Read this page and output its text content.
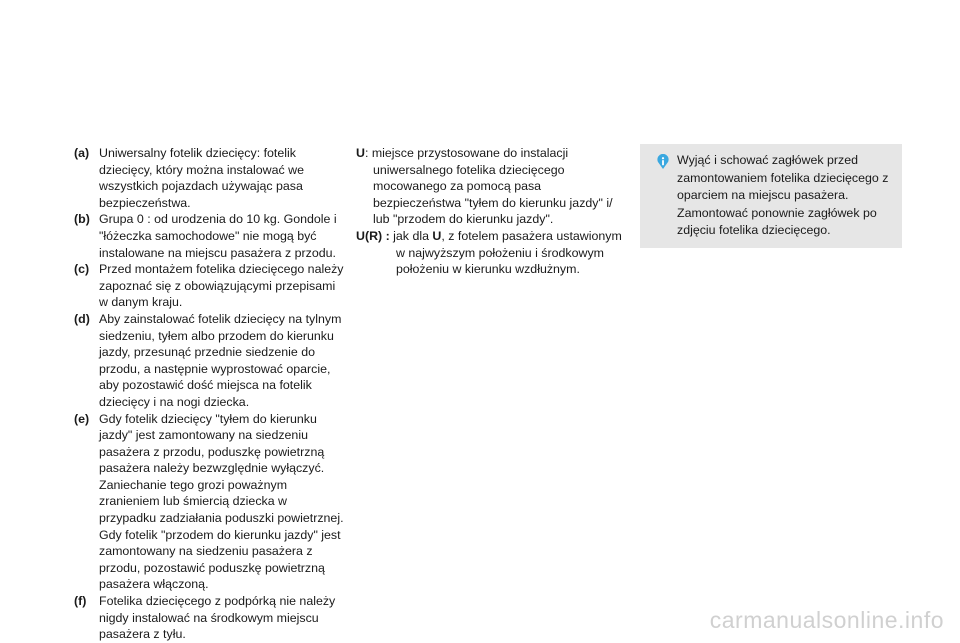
(a) Uniwersalny fotelik dziecięcy: fotelik dziecięcy, który można instalować we wszystkich pojazdach używając pasa bezpieczeństwa.
(b) Grupa 0 : od urodzenia do 10 kg. Gondole i "łóżeczka samochodowe" nie mogą być instalowane na miejscu pasażera z przodu.
(c) Przed montażem fotelika dziecięcego należy zapoznać się z obowiązującymi przepisami w danym kraju.
(d) Aby zainstalować fotelik dziecięcy na tylnym siedzeniu, tyłem albo przodem do kierunku jazdy, przesunąć przednie siedzenie do przodu, a następnie wyprostować oparcie, aby pozostawić dość miejsca na fotelik dziecięcy i na nogi dziecka.
(e) Gdy fotelik dziecięcy "tyłem do kierunku jazdy" jest zamontowany na siedzeniu pasażera z przodu, poduszkę powietrzną pasażera należy bezwzględnie wyłączyć. Zaniechanie tego grozi poważnym zranieniem lub śmiercią dziecka w przypadku zadziałania poduszki powietrznej. Gdy fotelik "przodem do kierunku jazdy" jest zamontowany na siedzeniu pasażera z przodu, pozostawić poduszkę powietrzną pasażera włączoną.
(f)	Fotelika dziecięcego z podpórką nie należy nigdy instalować na środkowym miejscu pasażera z tyłu.
U: miejsce przystosowane do instalacji uniwersalnego fotelika dziecięcego mocowanego za pomocą pasa bezpieczeństwa "tyłem do kierunku jazdy" i/ lub "przodem do kierunku jazdy".
U(R) : jak dla U, z fotelem pasażera ustawionym w najwyższym położeniu i środkowym położeniu w kierunku wzdłużnym.
Wyjąć i schować zagłówek przed zamontowaniem fotelika dziecięcego z oparciem na miejscu pasażera. Zamontować ponownie zagłówek po zdjęciu fotelika dziecięcego.
carmanualsonline.info
